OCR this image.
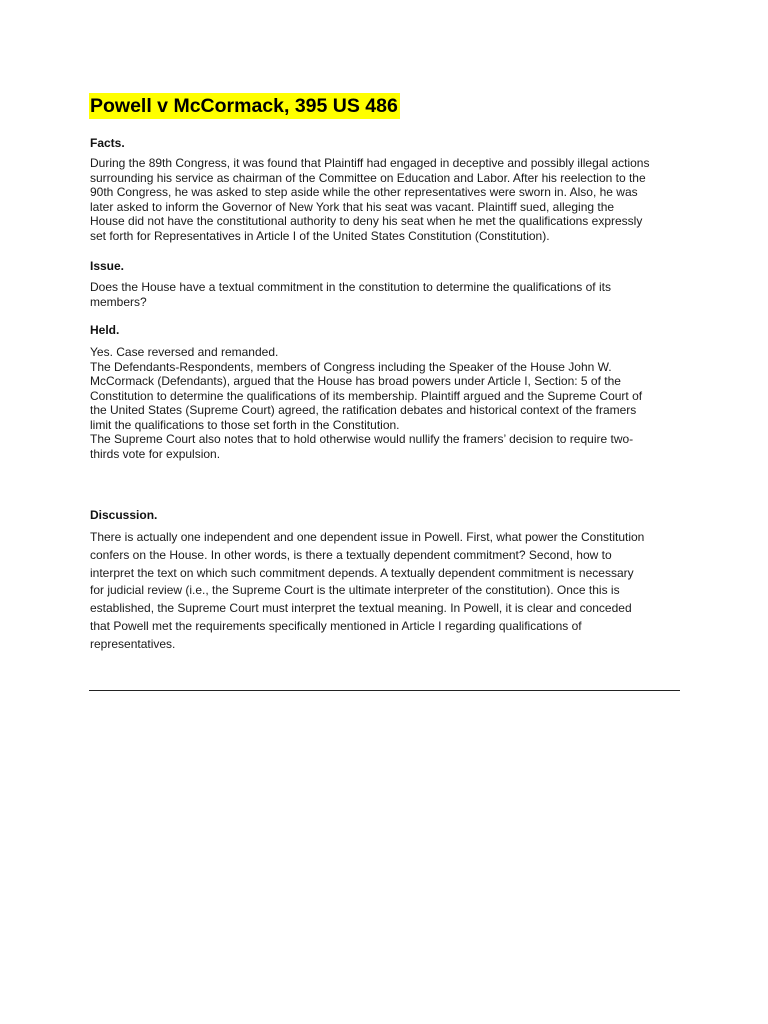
Powell v McCormack, 395 US 486
Facts.
During the 89th Congress, it was found that Plaintiff had engaged in deceptive and possibly illegal actions
surrounding his service as chairman of the Committee on Education and Labor. After his reelection to the
90th Congress, he was asked to step aside while the other representatives were sworn in. Also, he was
later asked to inform the Governor of New York that his seat was vacant. Plaintiff sued, alleging the
House did not have the constitutional authority to deny his seat when he met the qualifications expressly
set forth for Representatives in Article I of the United States Constitution (Constitution).
Issue.
Does the House have a textual commitment in the constitution to determine the qualifications of its
members?
Held.
Yes. Case reversed and remanded.
The Defendants-Respondents, members of Congress including the Speaker of the House John W.
McCormack (Defendants), argued that the House has broad powers under Article I, Section: 5 of the
Constitution to determine the qualifications of its membership. Plaintiff argued and the Supreme Court of
the United States (Supreme Court) agreed, the ratification debates and historical context of the framers
limit the qualifications to those set forth in the Constitution.
The Supreme Court also notes that to hold otherwise would nullify the framers’ decision to require two-
thirds vote for expulsion.
Discussion.
There is actually one independent and one dependent issue in Powell. First, what power the Constitution
confers on the House. In other words, is there a textually dependent commitment? Second, how to
interpret the text on which such commitment depends. A textually dependent commitment is necessary
for judicial review (i.e., the Supreme Court is the ultimate interpreter of the constitution). Once this is
established, the Supreme Court must interpret the textual meaning. In Powell, it is clear and conceded
that Powell met the requirements specifically mentioned in Article I regarding qualifications of
representatives.
